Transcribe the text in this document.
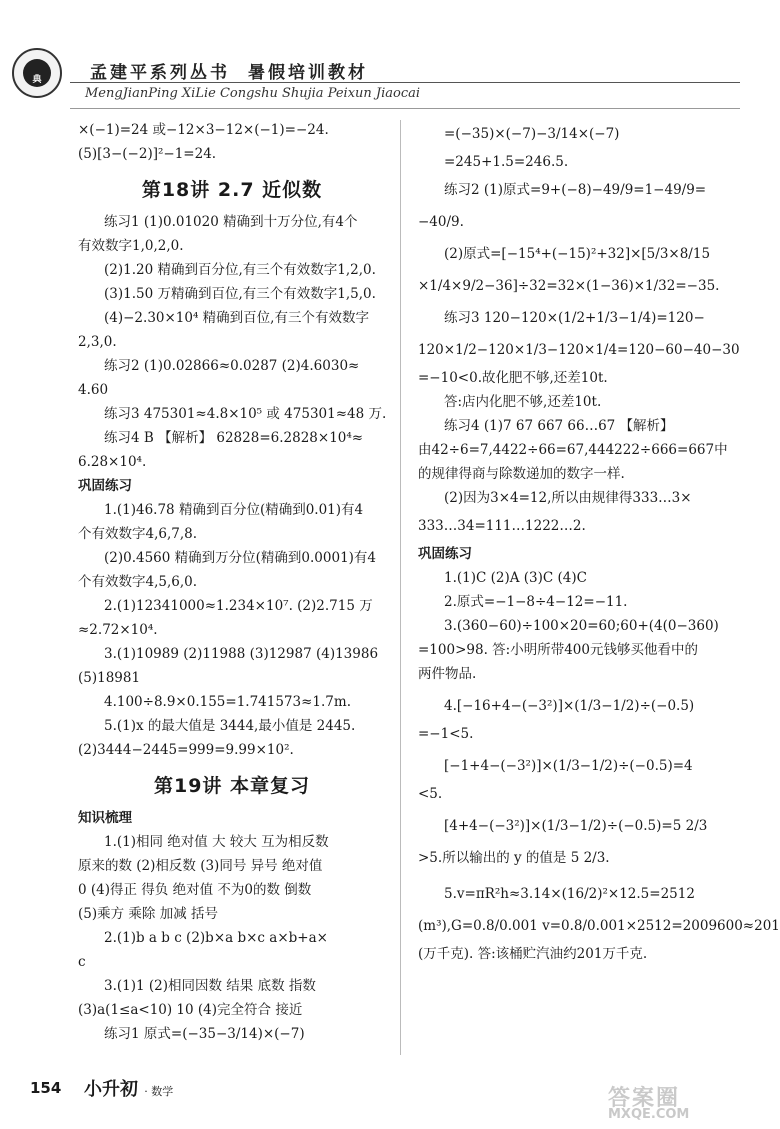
典	孟建平系列丛书 暑假培训教材
MengJianPing XiLie Congshu Shujia Peixun Jiaocai
×(−1)=24 或−12×3−12×(−1)=−24.
(5)[3−(−2)]²−1=24.
第18讲 2.7 近似数
练习1 (1)0.01020 精确到十万分位,有4个
有效数字1,0,2,0.
(2)1.20 精确到百分位,有三个有效数字1,2,0.
(3)1.50 万精确到百位,有三个有效数字1,5,0.
(4)−2.30×10⁴ 精确到百位,有三个有效数字
2,3,0.
练习2 (1)0.02866≈0.0287 (2)4.6030≈
4.60
练习3 475301≈4.8×10⁵ 或 475301≈48 万.
练习4 B 【解析】 62828=6.2828×10⁴≈
6.28×10⁴.
巩固练习
1.(1)46.78 精确到百分位(精确到0.01)有4
个有效数字4,6,7,8.
(2)0.4560 精确到万分位(精确到0.0001)有4
个有效数字4,5,6,0.
2.(1)12341000≈1.234×10⁷. (2)2.715 万
≈2.72×10⁴.
3.(1)10989 (2)11988 (3)12987 (4)13986
(5)18981
4.100÷8.9×0.155=1.741573≈1.7m.
5.(1)x 的最大值是 3444,最小值是 2445.
(2)3444−2445=999=9.99×10².
第19讲 本章复习
知识梳理
1.(1)相同 绝对值 大 较大 互为相反数
原来的数 (2)相反数 (3)同号 异号 绝对值
0 (4)得正 得负 绝对值 不为0的数 倒数
(5)乘方 乘除 加减 括号
2.(1)b a b c (2)b×a b×c a×b+a×
c
3.(1)1 (2)相同因数 结果 底数 指数
(3)a(1≤a<10) 10 (4)完全符合 接近
练习1 原式=(−35−3/14)×(−7)
=(−35)×(−7)−3/14×(−7)
=245+1.5=246.5.
练习2 (1)原式=9+(−8)−49/9=1−49/9=
−40/9.
(2)原式=[−15⁴+(−15)²+32]×[5/3×8/15
×1/4×9/2−36]÷32=32×(1−36)×1/32=−35.
练习3 120−120×(1/2+1/3−1/4)=120−
120×1/2−120×1/3−120×1/4=120−60−40−30
=−10<0.故化肥不够,还差10t.
答:店内化肥不够,还差10t.
练习4 (1)7 67 667 66…67 【解析】
由42÷6=7,4422÷66=67,444222÷666=667中
的规律得商与除数递加的数字一样.
(2)因为3×4=12,所以由规律得333…3×
333…34=111…1222…2.
巩固练习
1.(1)C (2)A (3)C (4)C
2.原式=−1−8÷4−12=−11.
3.(360−60)÷100×20=60;60+(4(0−360)
=100>98. 答:小明所带400元钱够买他看中的
两件物品.
4.[−16+4−(−3²)]×(1/3−1/2)÷(−0.5)
=−1<5.
[−1+4−(−3²)]×(1/3−1/2)÷(−0.5)=4
<5.
[4+4−(−3²)]×(1/3−1/2)÷(−0.5)=5 2/3
>5.所以输出的 y 的值是 5 2/3.
5.v=πR²h≈3.14×(16/2)²×12.5=2512
(m³),G=0.8/0.001 v=0.8/0.001×2512=2009600≈201
(万千克). 答:该桶贮汽油约201万千克.
154 小升初 · 数学	答案圈
MXQE.COM
